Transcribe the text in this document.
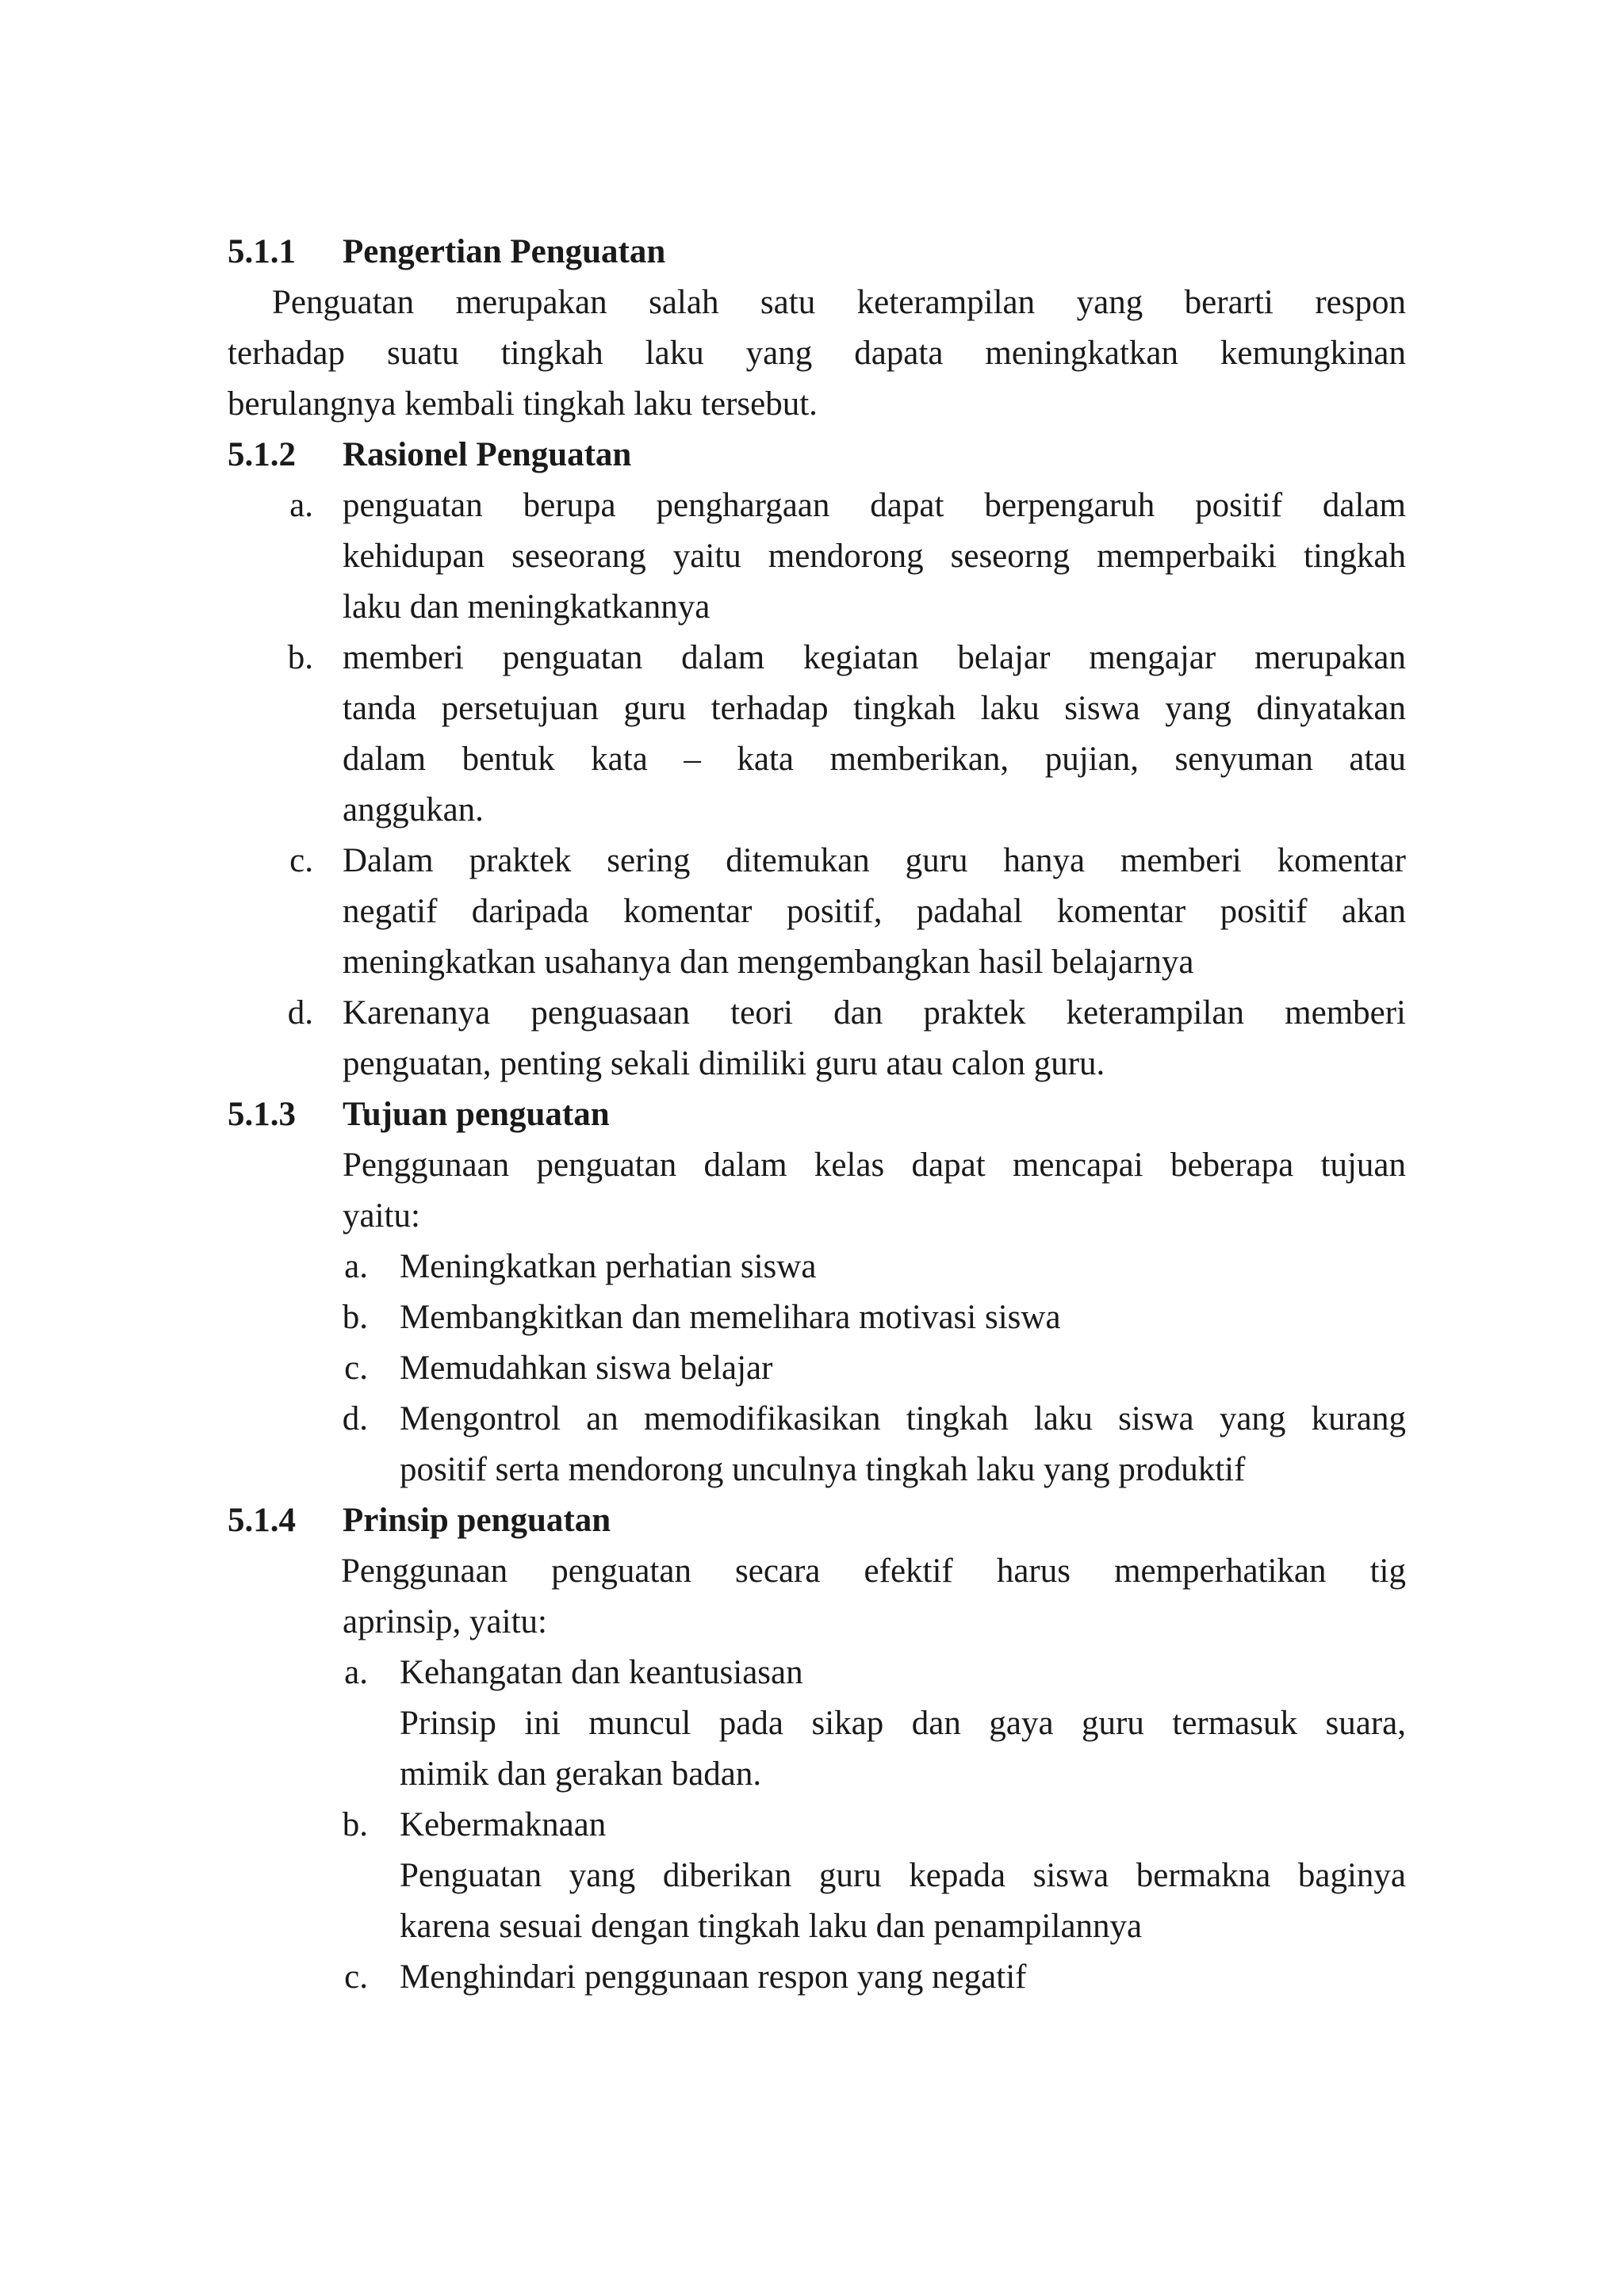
5.1.1 Pengertian Penguatan
Penguatan merupakan salah satu keterampilan yang berarti respon
terhadap suatu tingkah laku yang dapata meningkatkan kemungkinan
berulangnya kembali tingkah laku tersebut.
5.1.2 Rasionel Penguatan
a. penguatan berupa penghargaan dapat berpengaruh positif dalam
kehidupan seseorang yaitu mendorong seseorng memperbaiki tingkah
laku dan meningkatkannya
b. memberi penguatan dalam kegiatan belajar mengajar merupakan
tanda persetujuan guru terhadap tingkah laku siswa yang dinyatakan
dalam bentuk kata – kata memberikan, pujian, senyuman atau
anggukan.
c. Dalam praktek sering ditemukan guru hanya memberi komentar
negatif daripada komentar positif, padahal komentar positif akan
meningkatkan usahanya dan mengembangkan hasil belajarnya
d. Karenanya penguasaan teori dan praktek keterampilan memberi
penguatan, penting sekali dimiliki guru atau calon guru.
5.1.3 Tujuan penguatan
Penggunaan penguatan dalam kelas dapat mencapai beberapa tujuan
yaitu:
a. Meningkatkan perhatian siswa
b. Membangkitkan dan memelihara motivasi siswa
c. Memudahkan siswa belajar
d. Mengontrol an memodifikasikan tingkah laku siswa yang kurang
positif serta mendorong unculnya tingkah laku yang produktif
5.1.4 Prinsip penguatan
Penggunaan penguatan secara efektif harus memperhatikan tig
aprinsip, yaitu:
a. Kehangatan dan keantusiasan
Prinsip ini muncul pada sikap dan gaya guru termasuk suara,
mimik dan gerakan badan.
b. Kebermaknaan
Penguatan yang diberikan guru kepada siswa bermakna baginya
karena sesuai dengan tingkah laku dan penampilannya
c. Menghindari penggunaan respon yang negatif
